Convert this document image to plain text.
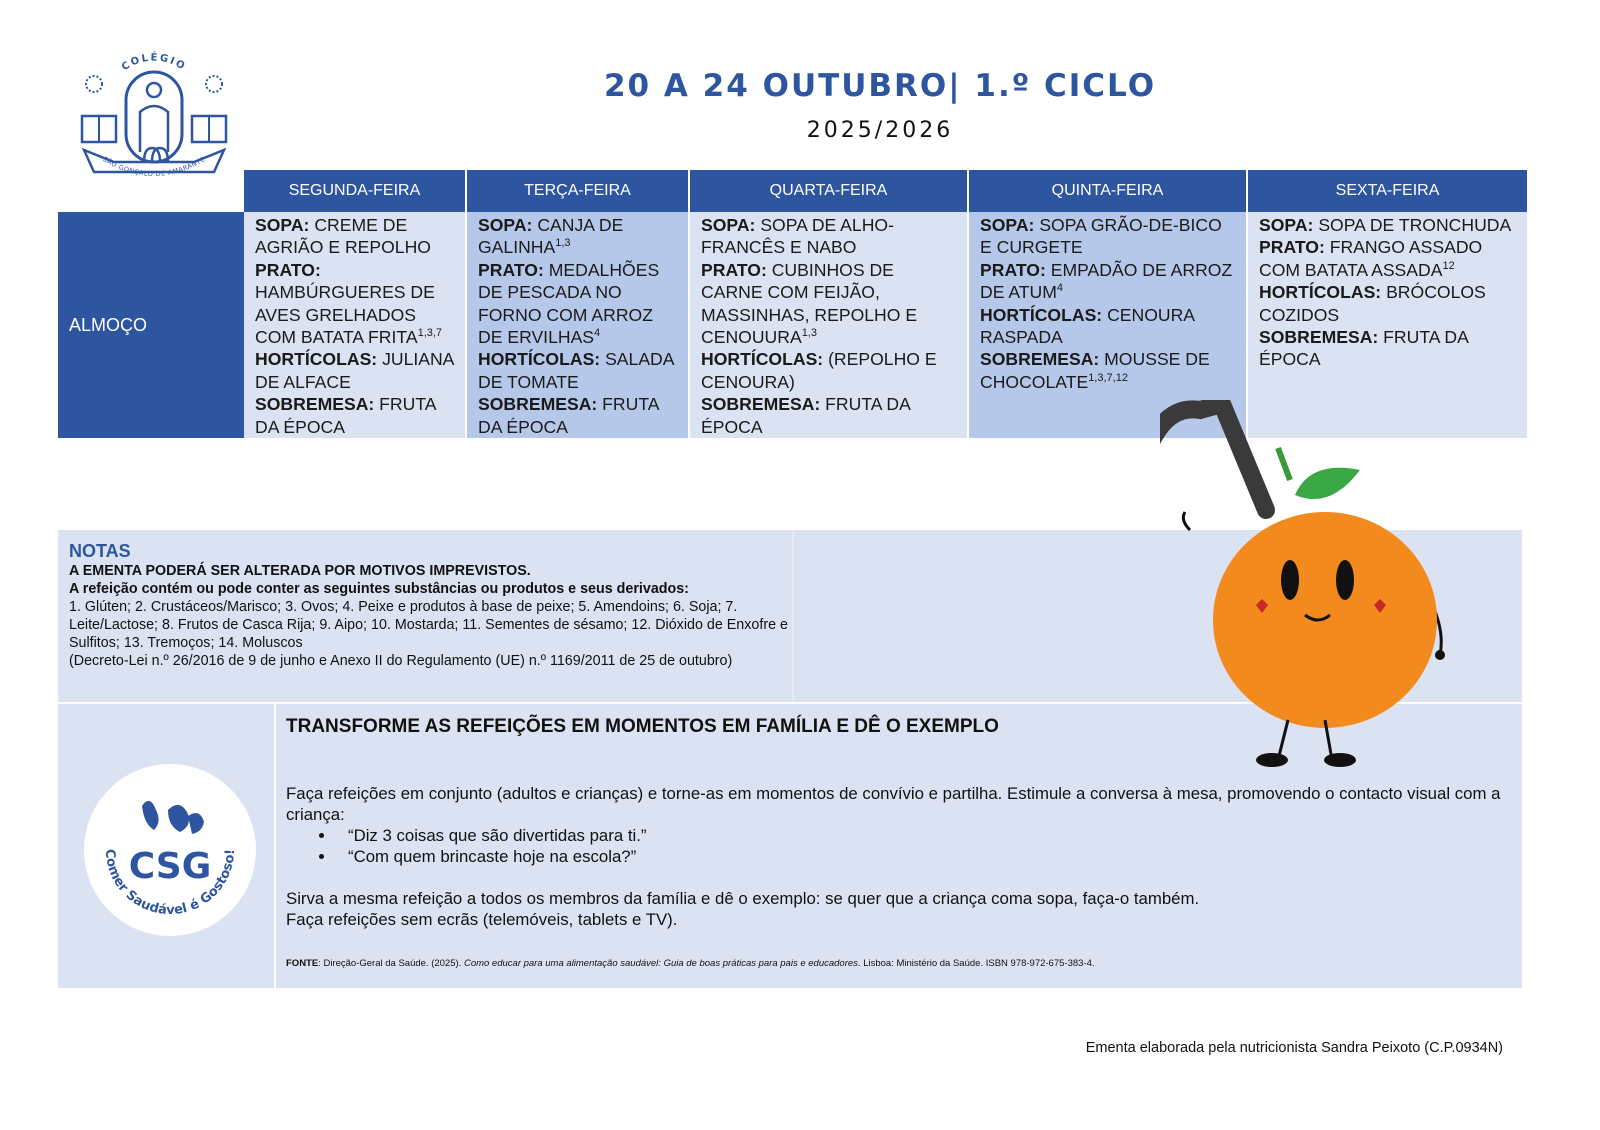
COLÉGIO
SÃO GONÇALO DE AMARANTE
20 A 24 OUTUBRO| 1.º CICLO
2025/2026
SEGUNDA-FEIRA	TERÇA-FEIRA	QUARTA-FEIRA	QUINTA-FEIRA	SEXTA-FEIRA
ALMOÇO
SOPA: CREME DE AGRIÃO E REPOLHO
PRATO: HAMBÚRGUERES DE AVES GRELHADOS COM BATATA FRITA$^{1,3,7}$
HORTÍCOLAS: JULIANA DE ALFACE
SOBREMESA: FRUTA DA ÉPOCA
SOPA: CANJA DE GALINHA$^{1,3}$
PRATO: MEDALHÕES DE PESCADA NO FORNO COM ARROZ DE ERVILHAS$^4$
HORTÍCOLAS: SALADA DE TOMATE
SOBREMESA: FRUTA DA ÉPOCA
SOPA: SOPA DE ALHO-FRANCÊS E NABO
PRATO: CUBINHOS DE CARNE COM FEIJÃO, MASSINHAS, REPOLHO E CENOUURA$^{1,3}$
HORTÍCOLAS: (REPOLHO E CENOURA)
SOBREMESA: FRUTA DA ÉPOCA
SOPA: SOPA GRÃO-DE-BICO E CURGETE
PRATO: EMPADÃO DE ARROZ DE ATUM$^4$
HORTÍCOLAS: CENOURA RASPADA
SOBREMESA: MOUSSE DE CHOCOLATE$^{1,3,7,12}$
SOPA: SOPA DE TRONCHUDA
PRATO: FRANGO ASSADO COM BATATA ASSADA$^{12}$
HORTÍCOLAS: BRÓCOLOS COZIDOS
SOBREMESA: FRUTA DA ÉPOCA
NOTAS
A EMENTA PODERÁ SER ALTERADA POR MOTIVOS IMPREVISTOS.
A refeição contém ou pode conter as seguintes substâncias ou produtos e seus derivados:
1. Glúten; 2. Crustáceos/Marisco; 3. Ovos; 4. Peixe e produtos à base de peixe; 5. Amendoins; 6. Soja; 7. Leite/Lactose; 8. Frutos de Casca Rija; 9. Aipo; 10. Mostarda; 11. Sementes de sésamo; 12. Dióxido de Enxofre e Sulfitos; 13. Tremoços; 14. Moluscos
(Decreto-Lei n.º 26/2016 de 9 de junho e Anexo II do Regulamento (UE) n.º 1169/2011 de 25 de outubro)
CSG
Comer Saudável é Gostoso!
TRANSFORME AS REFEIÇÕES EM MOMENTOS EM FAMÍLIA E DÊ O EXEMPLO
Faça refeições em conjunto (adultos e crianças) e torne-as em momentos de convívio e partilha. Estimule a conversa à mesa, promovendo o contacto visual com a criança:
• “Diz 3 coisas que são divertidas para ti.”
• “Com quem brincaste hoje na escola?”
Sirva a mesma refeição a todos os membros da família e dê o exemplo: se quer que a criança coma sopa, faça-o também.
Faça refeições sem ecrãs (telemóveis, tablets e TV).
FONTE: Direção-Geral da Saúde. (2025). Como educar para uma alimentação saudável: Guia de boas práticas para pais e educadores. Lisboa: Ministério da Saúde. ISBN 978-972-675-383-4.
Ementa elaborada pela nutricionista Sandra Peixoto (C.P.0934N)
